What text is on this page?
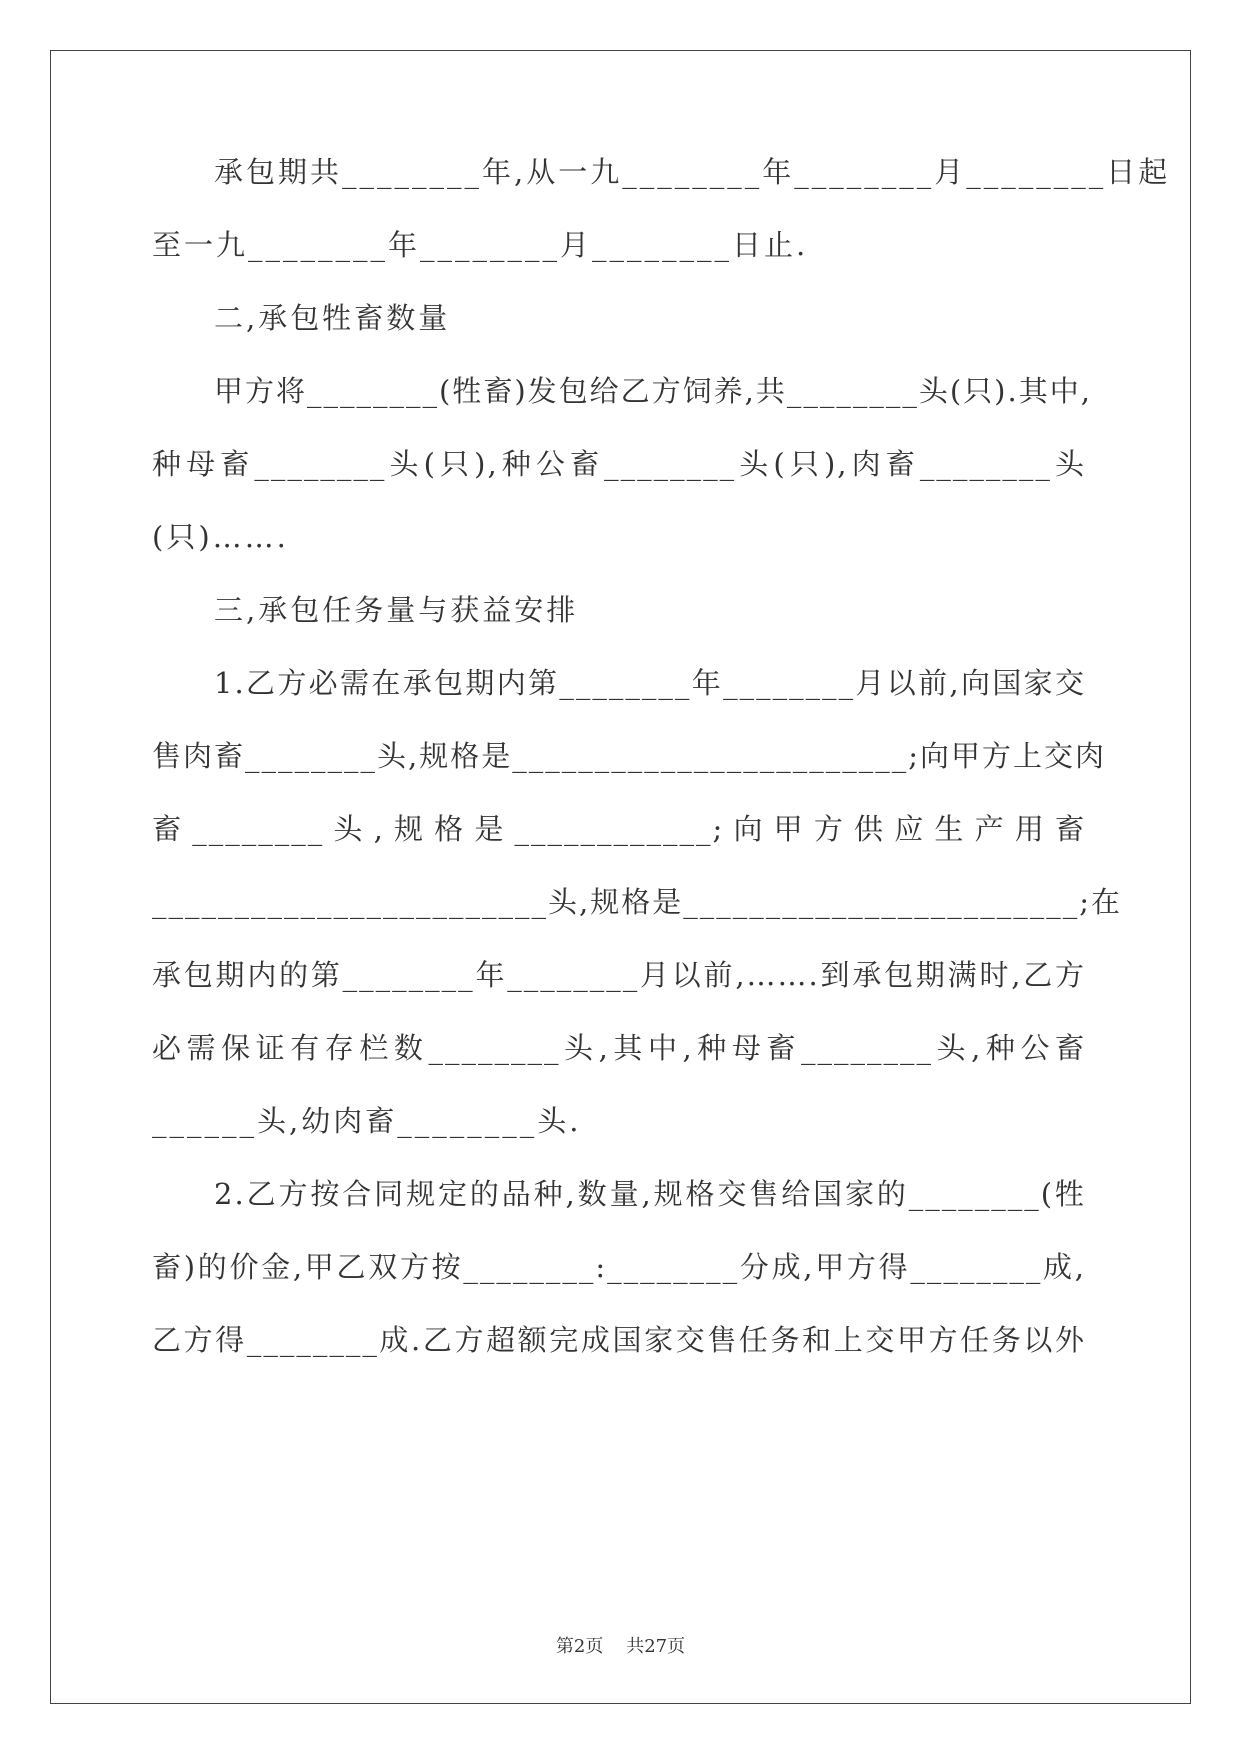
承包期共________年,从一九________年________月________日起
至一九________年________月________日止.
二,承包牲畜数量
甲方将________(牲畜)发包给乙方饲养,共________头(只).其中,
种母畜________头(只),种公畜________头(只),肉畜________头
(只)…….
三,承包任务量与获益安排
1.乙方必需在承包期内第________年________月以前,向国家交
售肉畜________头,规格是________________________;向甲方上交肉
畜________头,规格是____________;向甲方供应生产用畜
________________________头,规格是________________________;在
承包期内的第________年________月以前,…….到承包期满时,乙方
必需保证有存栏数________头,其中,种母畜________头,种公畜
______头,幼肉畜________头.
2.乙方按合同规定的品种,数量,规格交售给国家的________(牲
畜)的价金,甲乙双方按________:________分成,甲方得________成,
乙方得________成.乙方超额完成国家交售任务和上交甲方任务以外
第2页    共27页
